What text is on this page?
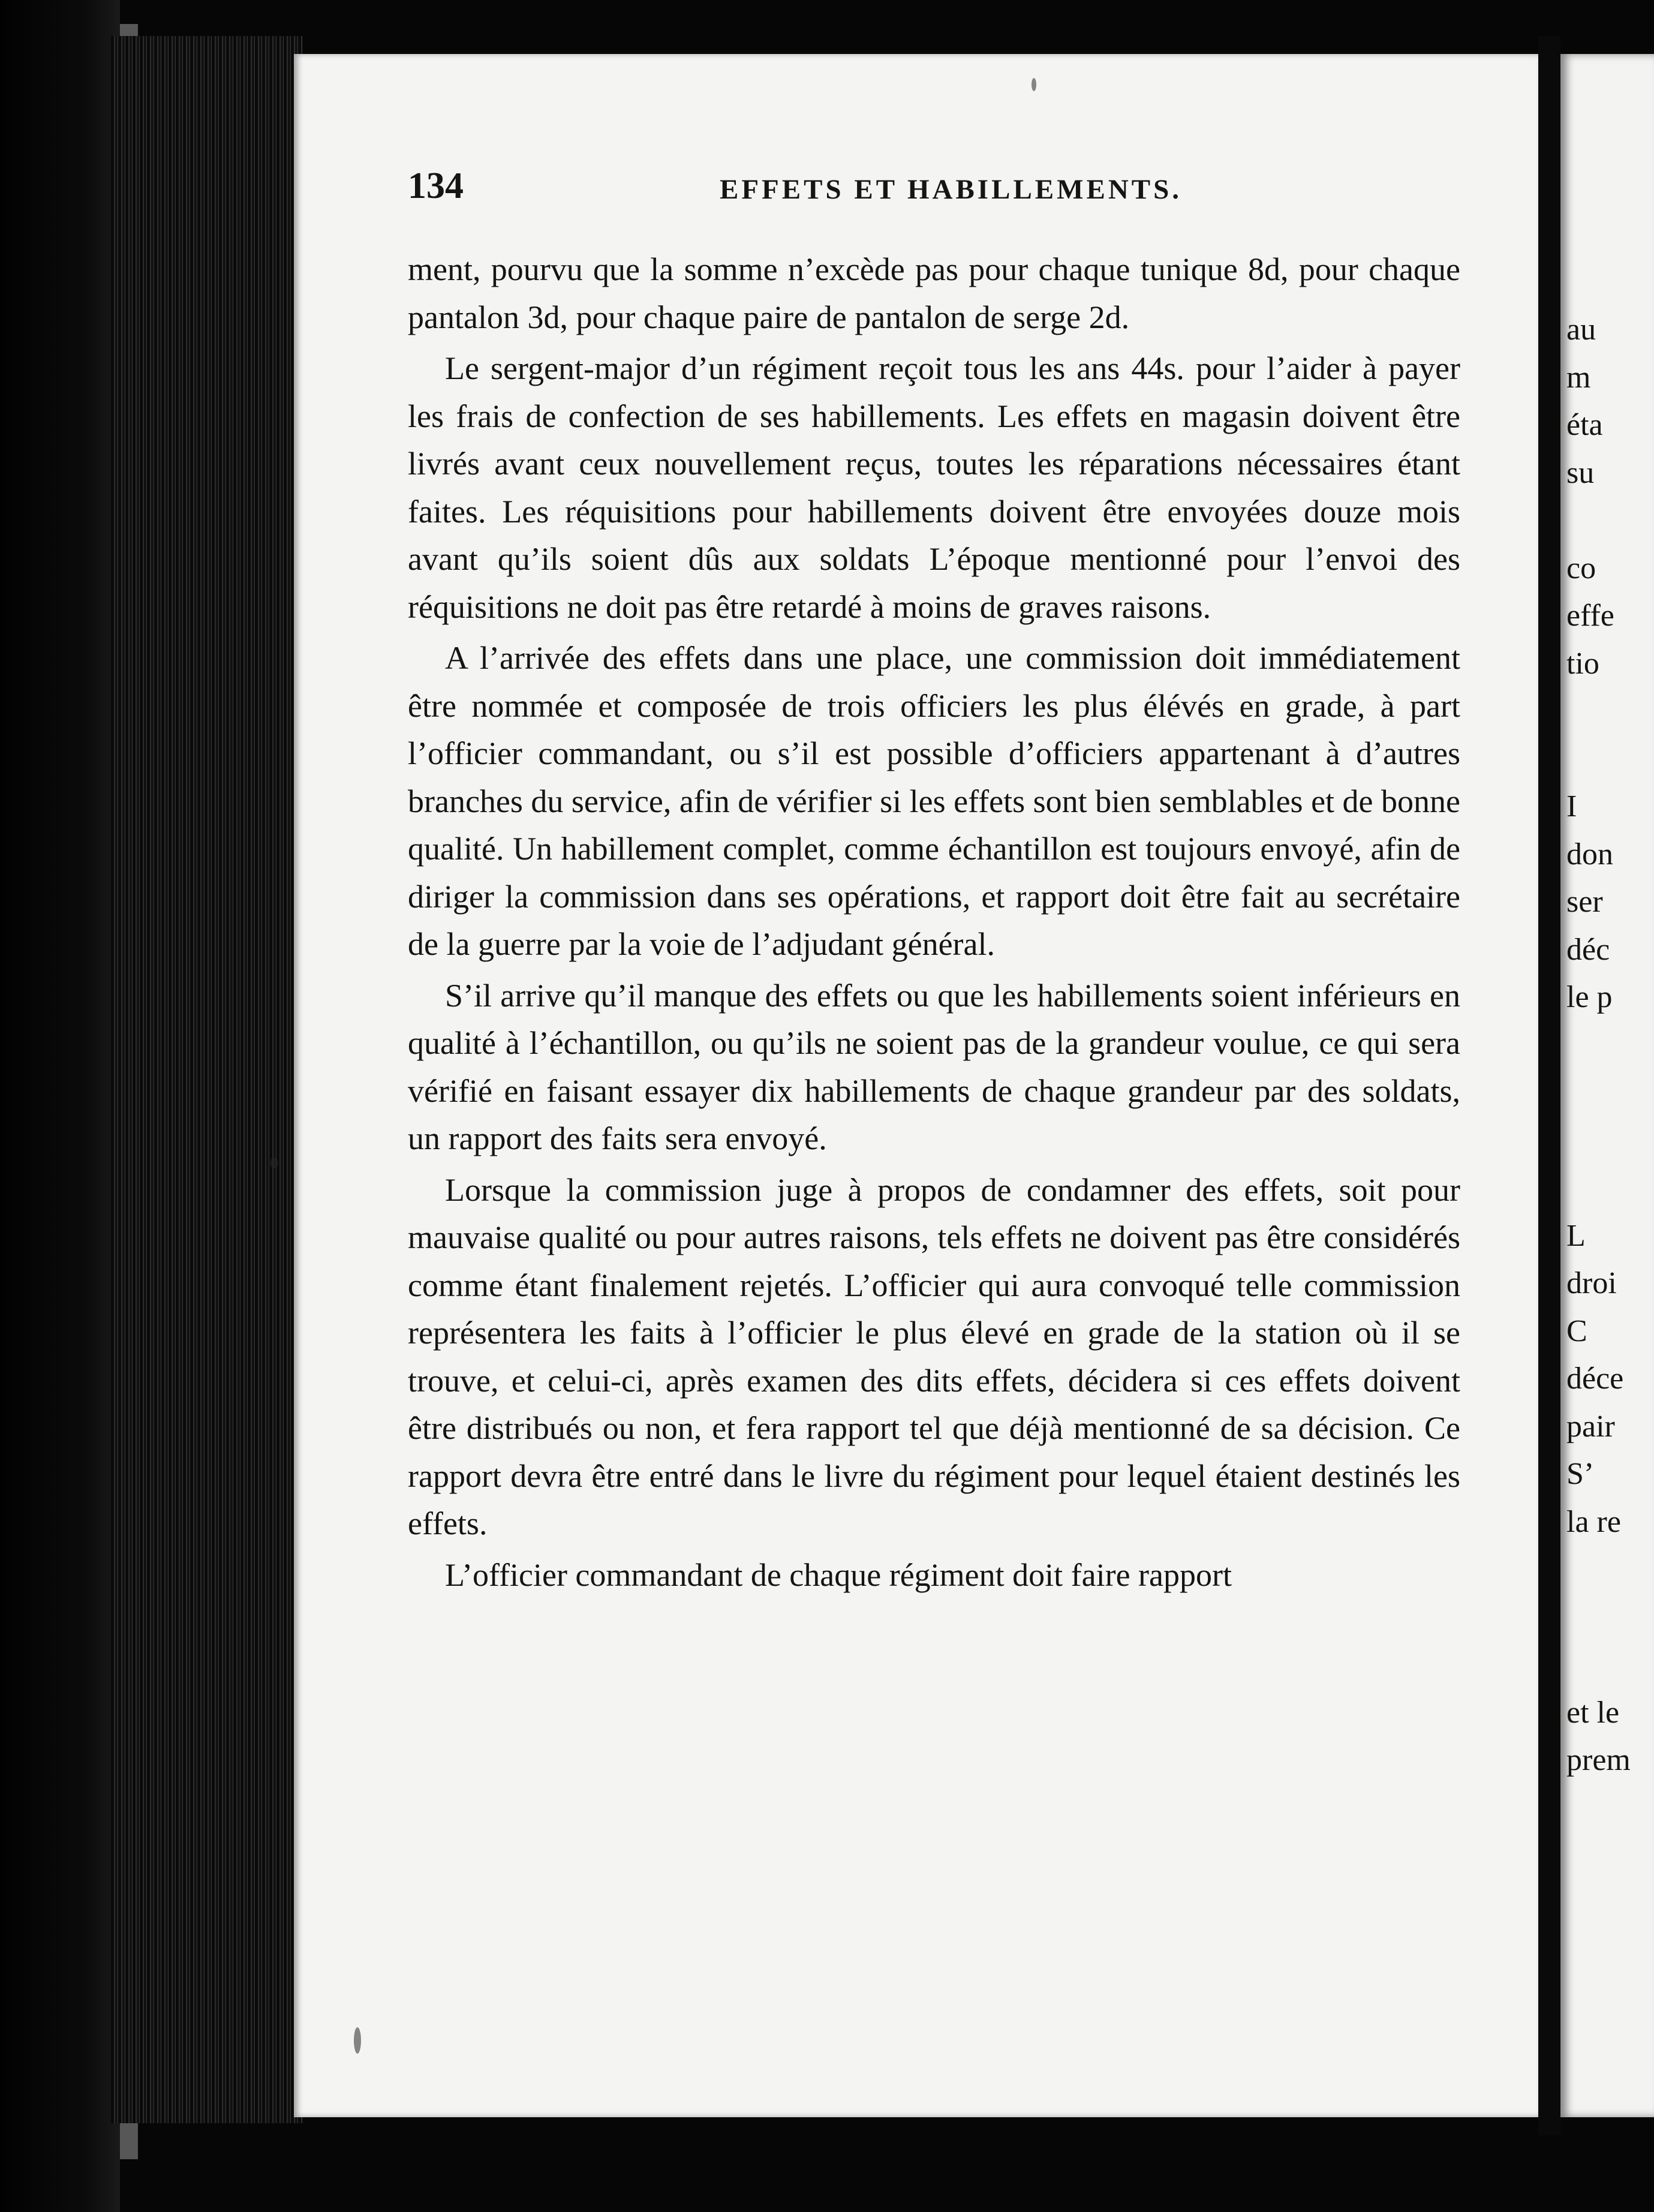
au
m
éta
su
co
effe
tio
I
don
ser
déc
le p
L
droi
C
déce
pair
S’
la re
et le
prem
134	EFFETS ET HABILLEMENTS.

ment, pourvu que la somme n’excède pas pour chaque tunique 8d, pour chaque pantalon 3d, pour chaque paire de pantalon de serge 2d.

Le sergent-major d’un régiment reçoit tous les ans 44s. pour l’aider à payer les frais de confection de ses habillements. Les effets en magasin doivent être livrés avant ceux nouvellement reçus, toutes les réparations nécessaires étant faites. Les réquisitions pour habillements doivent être envoyées douze mois avant qu’ils soient dûs aux soldats L’époque mentionné pour l’envoi des réquisitions ne doit pas être retardé à moins de graves raisons.

A l’arrivée des effets dans une place, une commission doit immédiatement être nommée et composée de trois officiers les plus élévés en grade, à part l’officier commandant, ou s’il est possible d’officiers appartenant à d’autres branches du service, afin de vérifier si les effets sont bien semblables et de bonne qualité. Un habillement complet, comme échantillon est toujours envoyé, afin de diriger la commission dans ses opérations, et rapport doit être fait au secrétaire de la guerre par la voie de l’adjudant général.

S’il arrive qu’il manque des effets ou que les habillements soient inférieurs en qualité à l’échantillon, ou qu’ils ne soient pas de la grandeur voulue, ce qui sera vérifié en faisant essayer dix habillements de chaque grandeur par des soldats, un rapport des faits sera envoyé.

Lorsque la commission juge à propos de condamner des effets, soit pour mauvaise qualité ou pour autres raisons, tels effets ne doivent pas être considérés comme étant finalement rejetés. L’officier qui aura convoqué telle commission représentera les faits à l’officier le plus élevé en grade de la station où il se trouve, et celui-ci, après examen des dits effets, décidera si ces effets doivent être distribués ou non, et fera rapport tel que déjà mentionné de sa décision. Ce rapport devra être entré dans le livre du régiment pour lequel étaient destinés les effets.

L’officier commandant de chaque régiment doit faire rapport
